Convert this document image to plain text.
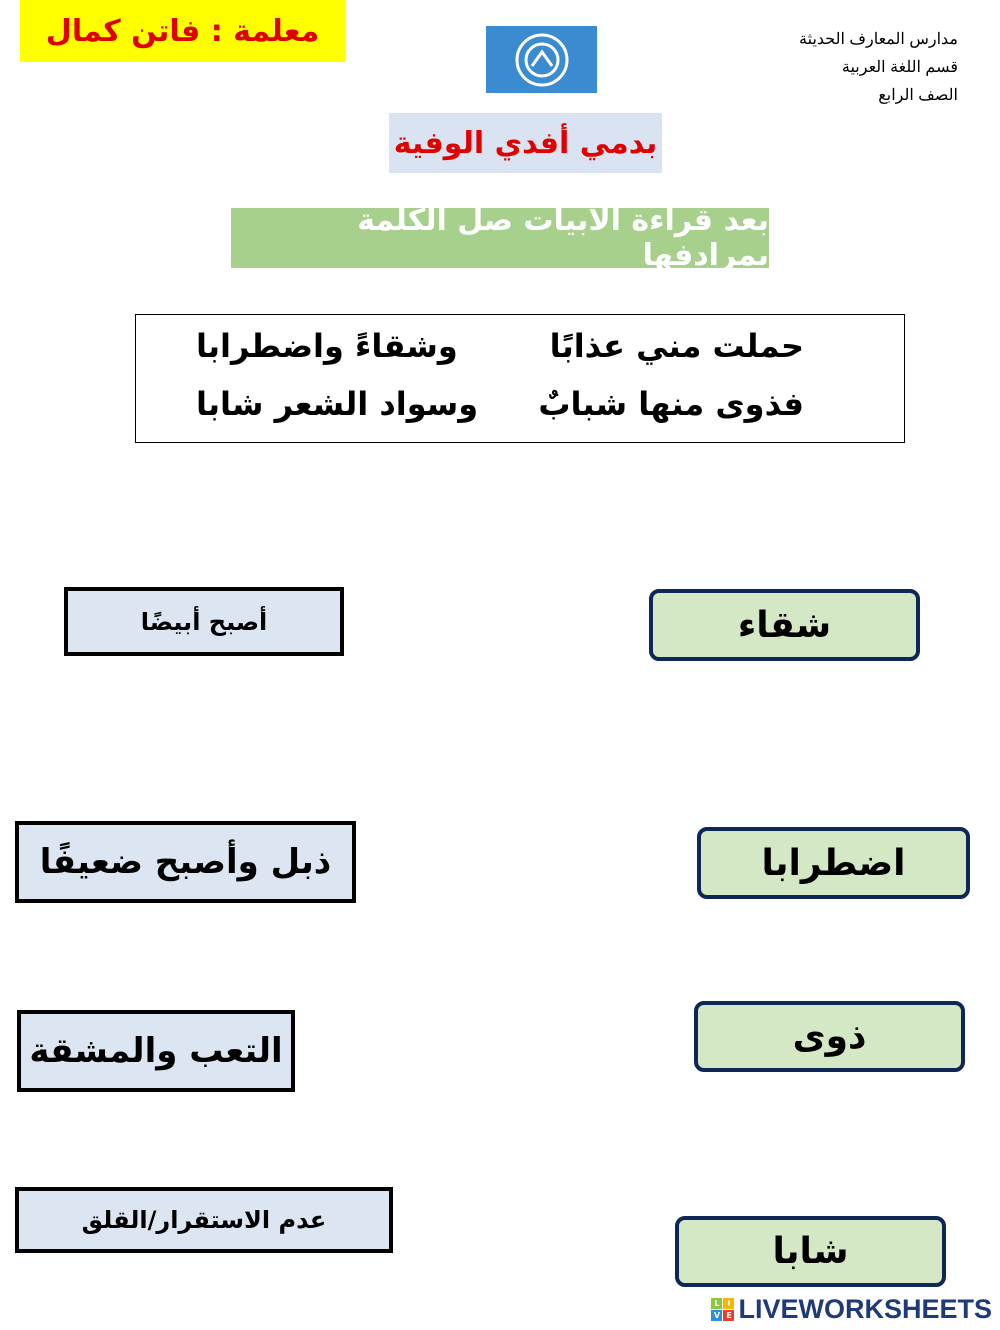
معلمة : فاتن كمال	مدارس المعارف الحديثة
قسم اللغة العربية
الصف الرابع
بدمي أفدي الوفية
بعد قراءة الأبيات صل الكلمة بمرادفها
حملت مني عذابًا
وشقاءً واضطرابا
فذوى منها شبابٌ
وسواد الشعر شابا
أصبح أبيضًا
ذبل وأصبح ضعيفًا
التعب والمشقة
عدم الاستقرار/القلق
شقاء
اضطرابا
ذوى
شابا
L I
V E LIVEWORKSHEETS
